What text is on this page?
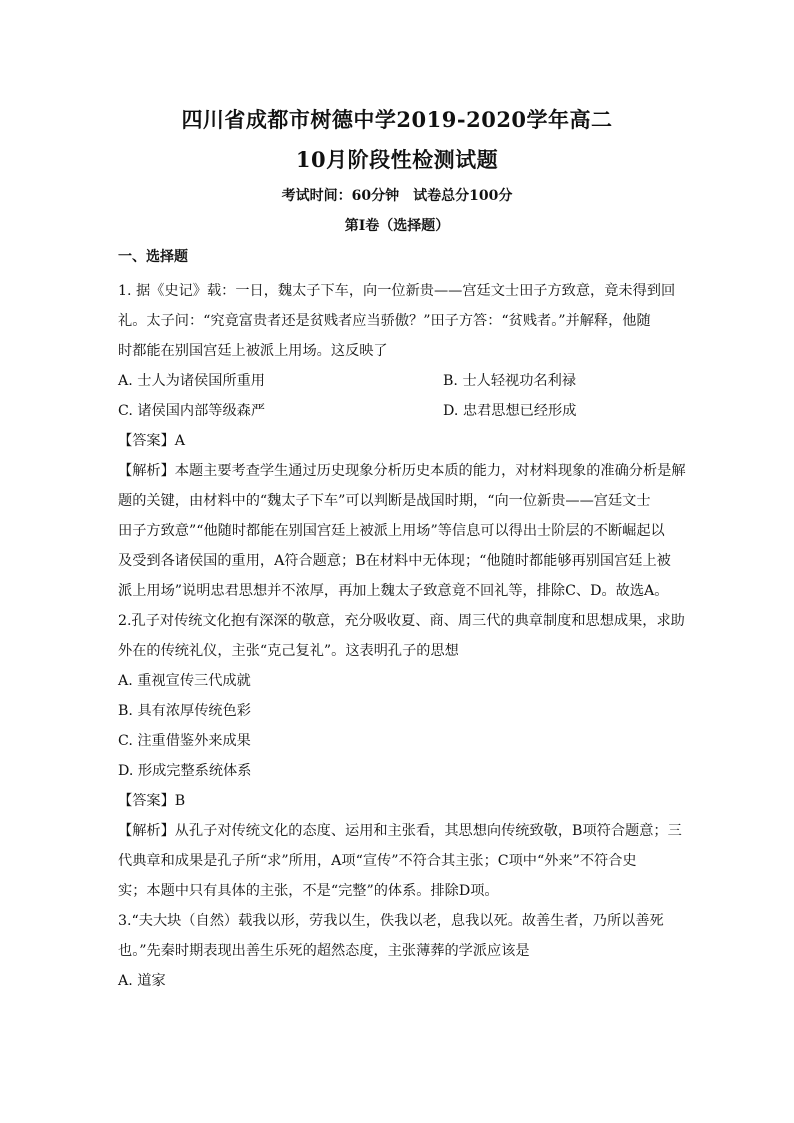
四川省成都市树德中学2019-2020学年高二
10月阶段性检测试题
考试时间：60分钟　试卷总分100分
第Ⅰ卷（选择题）
一、选择题

1. 据《史记》载：一日，魏太子下车，向一位新贵——宫廷文士田子方致意，竟未得到回

礼。太子问：“究竟富贵者还是贫贱者应当骄傲？”田子方答：“贫贱者。”并解释，他随

时都能在别国宫廷上被派上用场。这反映了

A. 士人为诸侯国所重用	B. 士人轻视功名利禄
C. 诸侯国内部等级森严	D. 忠君思想已经形成

【答案】A

【解析】本题主要考查学生通过历史现象分析历史本质的能力，对材料现象的准确分析是解

题的关键，由材料中的“魏太子下车”可以判断是战国时期，“向一位新贵——宫廷文士

田子方致意”“他随时都能在别国宫廷上被派上用场”等信息可以得出士阶层的不断崛起以

及受到各诸侯国的重用，A符合题意；B在材料中无体现；“他随时都能够再别国宫廷上被

派上用场”说明忠君思想并不浓厚，再加上魏太子致意竟不回礼等，排除C、D。故选A。

2.孔子对传统文化抱有深深的敬意，充分吸收夏、商、周三代的典章制度和思想成果，求助

外在的传统礼仪，主张“克己复礼”。这表明孔子的思想

A. 重视宣传三代成就

B. 具有浓厚传统色彩

C. 注重借鉴外来成果

D. 形成完整系统体系

【答案】B

【解析】从孔子对传统文化的态度、运用和主张看，其思想向传统致敬，B项符合题意；三

代典章和成果是孔子所“求”所用，A项“宣传”不符合其主张；C项中“外来”不符合史

实；本题中只有具体的主张，不是“完整”的体系。排除D项。

3.“夫大块（自然）载我以形，劳我以生，佚我以老，息我以死。故善生者，乃所以善死

也。”先秦时期表现出善生乐死的超然态度，主张薄葬的学派应该是

A. 道家
